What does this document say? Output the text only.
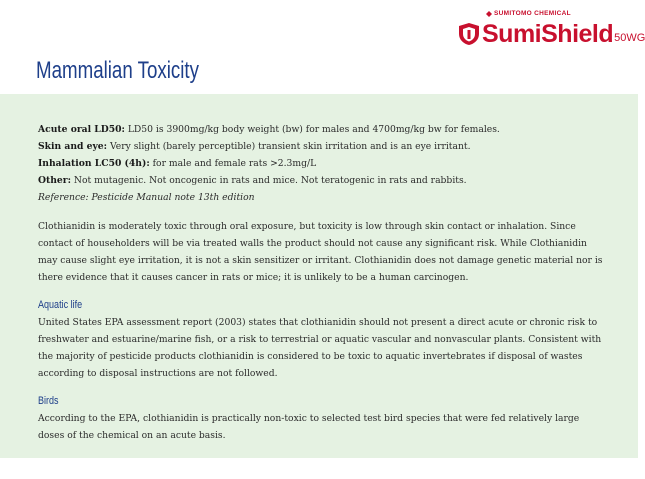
SUMITOMO CHEMICAL
SumiShield50WG
Mammalian Toxicity

Acute oral LD50: LD50 is 3900mg/kg body weight (bw) for males and 4700mg/kg bw for females.

Skin and eye: Very slight (barely perceptible) transient skin irritation and is an eye irritant.

Inhalation LC50 (4h): for male and female rats >2.3mg/L

Other: Not mutagenic. Not oncogenic in rats and mice. Not teratogenic in rats and rabbits.

Reference: Pesticide Manual note 13th edition

Clothianidin is moderately toxic through oral exposure, but toxicity is low through skin contact or inhalation. Since contact of householders will be via treated walls the product should not cause any significant risk. While Clothianidin may cause slight eye irritation, it is not a skin sensitizer or irritant. Clothianidin does not damage genetic material nor is there evidence that it causes cancer in rats or mice; it is unlikely to be a human carcinogen.

Aquatic life

United States EPA assessment report (2003) states that clothianidin should not present a direct acute or chronic risk to freshwater and estuarine/marine fish, or a risk to terrestrial or aquatic vascular and nonvascular plants. Consistent with the majority of pesticide products clothianidin is considered to be toxic to aquatic invertebrates if disposal of wastes according to disposal instructions are not followed.

Birds

According to the EPA, clothianidin is practically non-toxic to selected test bird species that were fed relatively large doses of the chemical on an acute basis.
